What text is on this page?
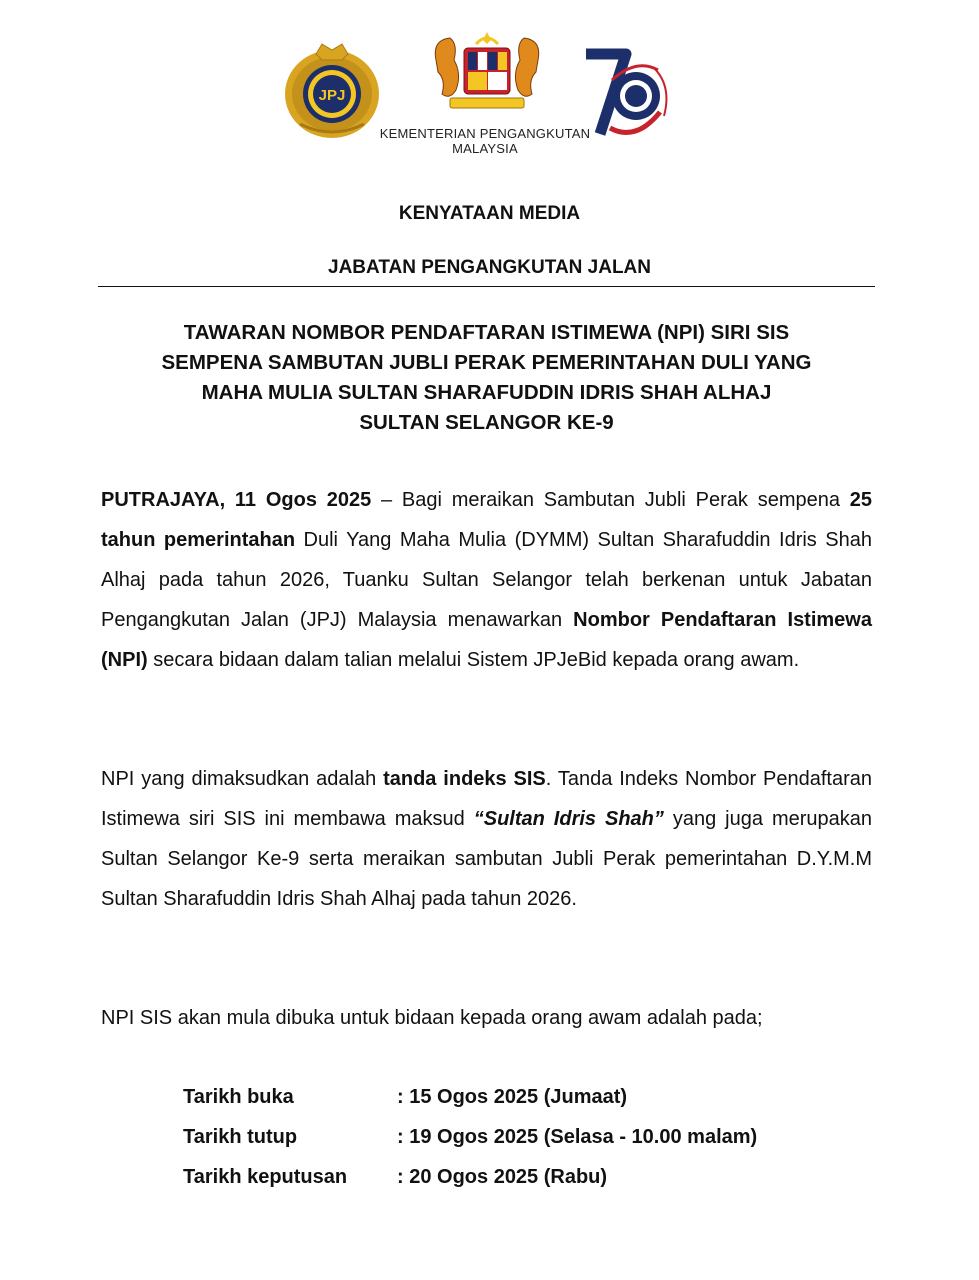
JPJ
KEMENTERIAN PENGANGKUTAN
MALAYSIA
KENYATAAN MEDIA
JABATAN PENGANGKUTAN JALAN
TAWARAN NOMBOR PENDAFTARAN ISTIMEWA (NPI) SIRI SIS
SEMPENA SAMBUTAN JUBLI PERAK PEMERINTAHAN DULI YANG
MAHA MULIA SULTAN SHARAFUDDIN IDRIS SHAH ALHAJ
SULTAN SELANGOR KE-9

PUTRAJAYA, 11 Ogos 2025 – Bagi meraikan Sambutan Jubli Perak sempena 25 tahun pemerintahan Duli Yang Maha Mulia (DYMM) Sultan Sharafuddin Idris Shah Alhaj pada tahun 2026, Tuanku Sultan Selangor telah berkenan untuk Jabatan Pengangkutan Jalan (JPJ) Malaysia menawarkan Nombor Pendaftaran Istimewa (NPI) secara bidaan dalam talian melalui Sistem JPJeBid kepada orang awam.

NPI yang dimaksudkan adalah tanda indeks SIS. Tanda Indeks Nombor Pendaftaran Istimewa siri SIS ini membawa maksud “Sultan Idris Shah” yang juga merupakan Sultan Selangor Ke-9 serta meraikan sambutan Jubli Perak pemerintahan D.Y.M.M Sultan Sharafuddin Idris Shah Alhaj pada tahun 2026.

NPI SIS akan mula dibuka untuk bidaan kepada orang awam adalah pada;

Tarikh buka	: 15 Ogos 2025 (Jumaat)
Tarikh tutup	: 19 Ogos 2025 (Selasa - 10.00 malam)
Tarikh keputusan	: 20 Ogos 2025 (Rabu)
